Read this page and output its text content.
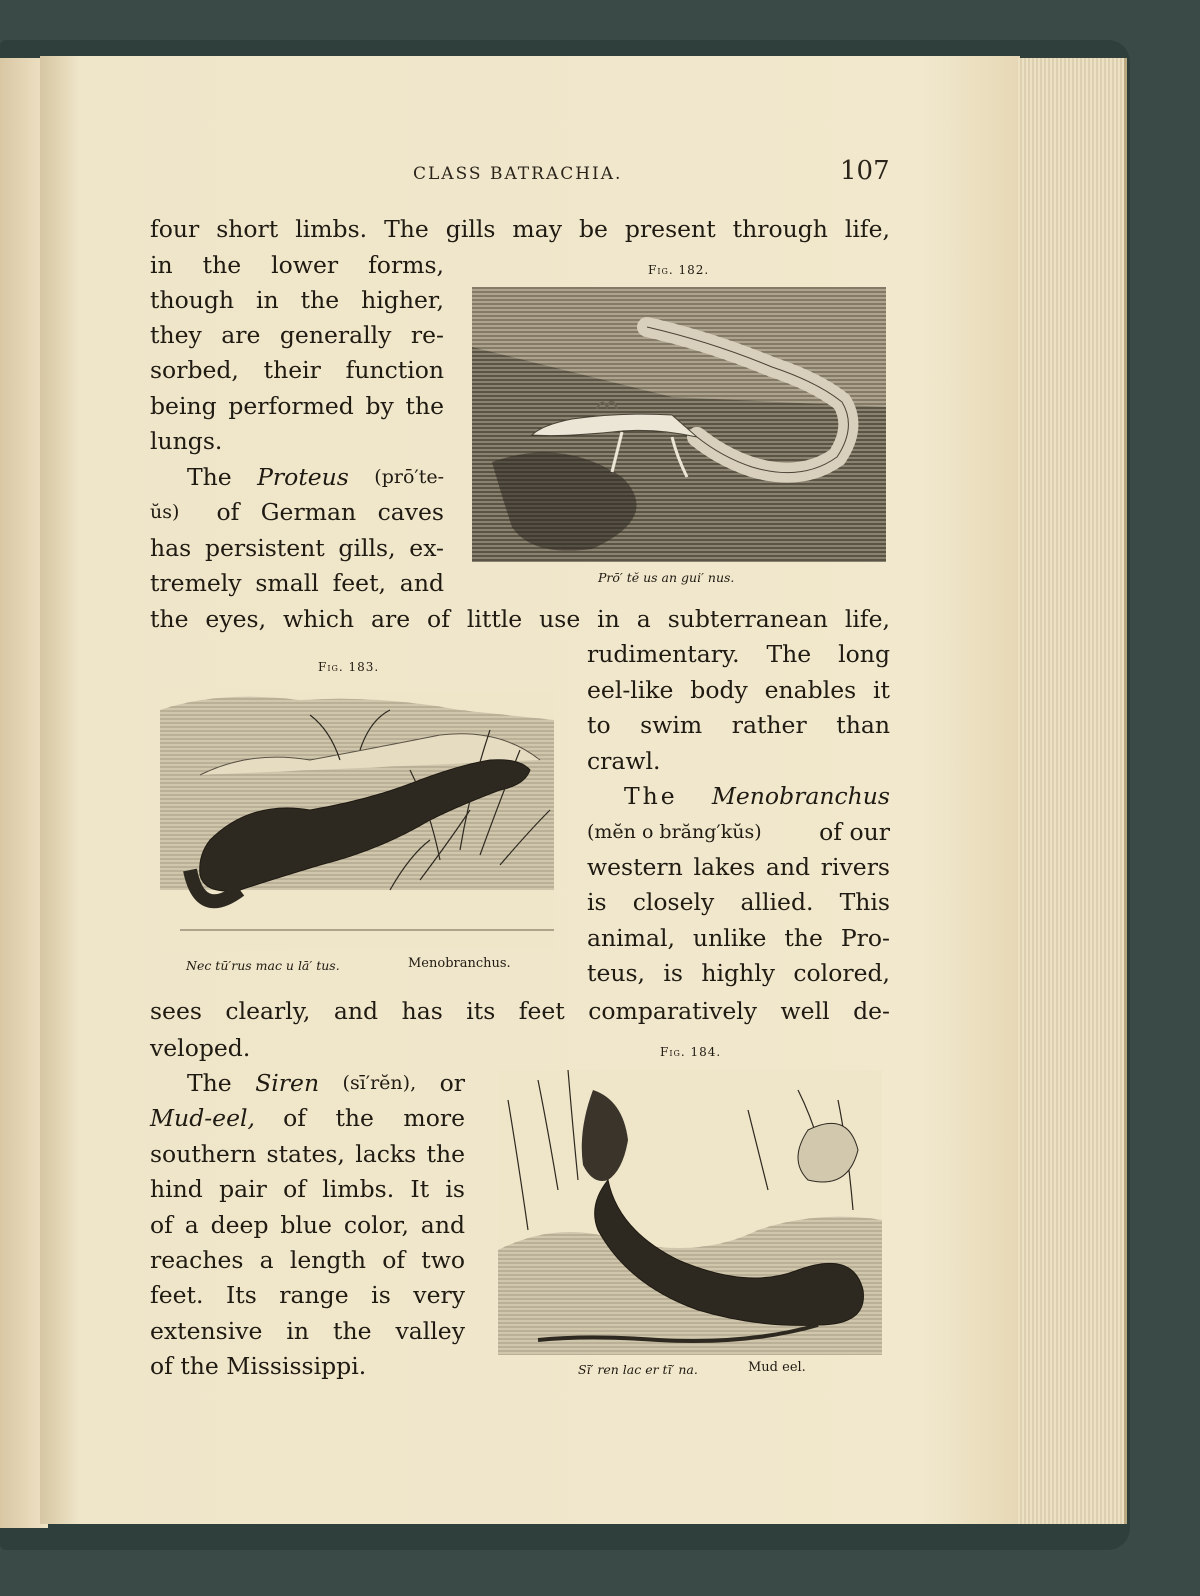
CLASS BATRACHIA.	107
four short limbs. The gills may be present through life,
in the lower forms,
though in the higher,
they are generally re-
sorbed, their function
being performed by the
lungs.
The Proteus (prō′te-
ŭs) of German caves
has persistent gills, ex-
tremely small feet, and
the eyes, which are of little use in a subterranean life,
rudimentary. The long
eel-like body enables it
to swim rather than
crawl.
The Menobranchus
(mĕn o brăng′kŭs) of our
western lakes and rivers
is closely allied. This
animal, unlike the Pro-
teus, is highly colored,
sees clearly, and has its feet comparatively well de-
veloped.
The Siren (sī′rĕn), or
Mud-eel, of the more
southern states, lacks the
hind pair of limbs. It is
of a deep blue color, and
reaches a length of two
feet. Its range is very
extensive in the valley
of the Mississippi.
Fig. 182.
Prō′ tĕ us an gui′ nus.
Fig. 183.
Nec tū′rus mac u lā′ tus.	Menobranchus.
Fig. 184.
Sī′ ren lac er tī′ na.	Mud eel.
